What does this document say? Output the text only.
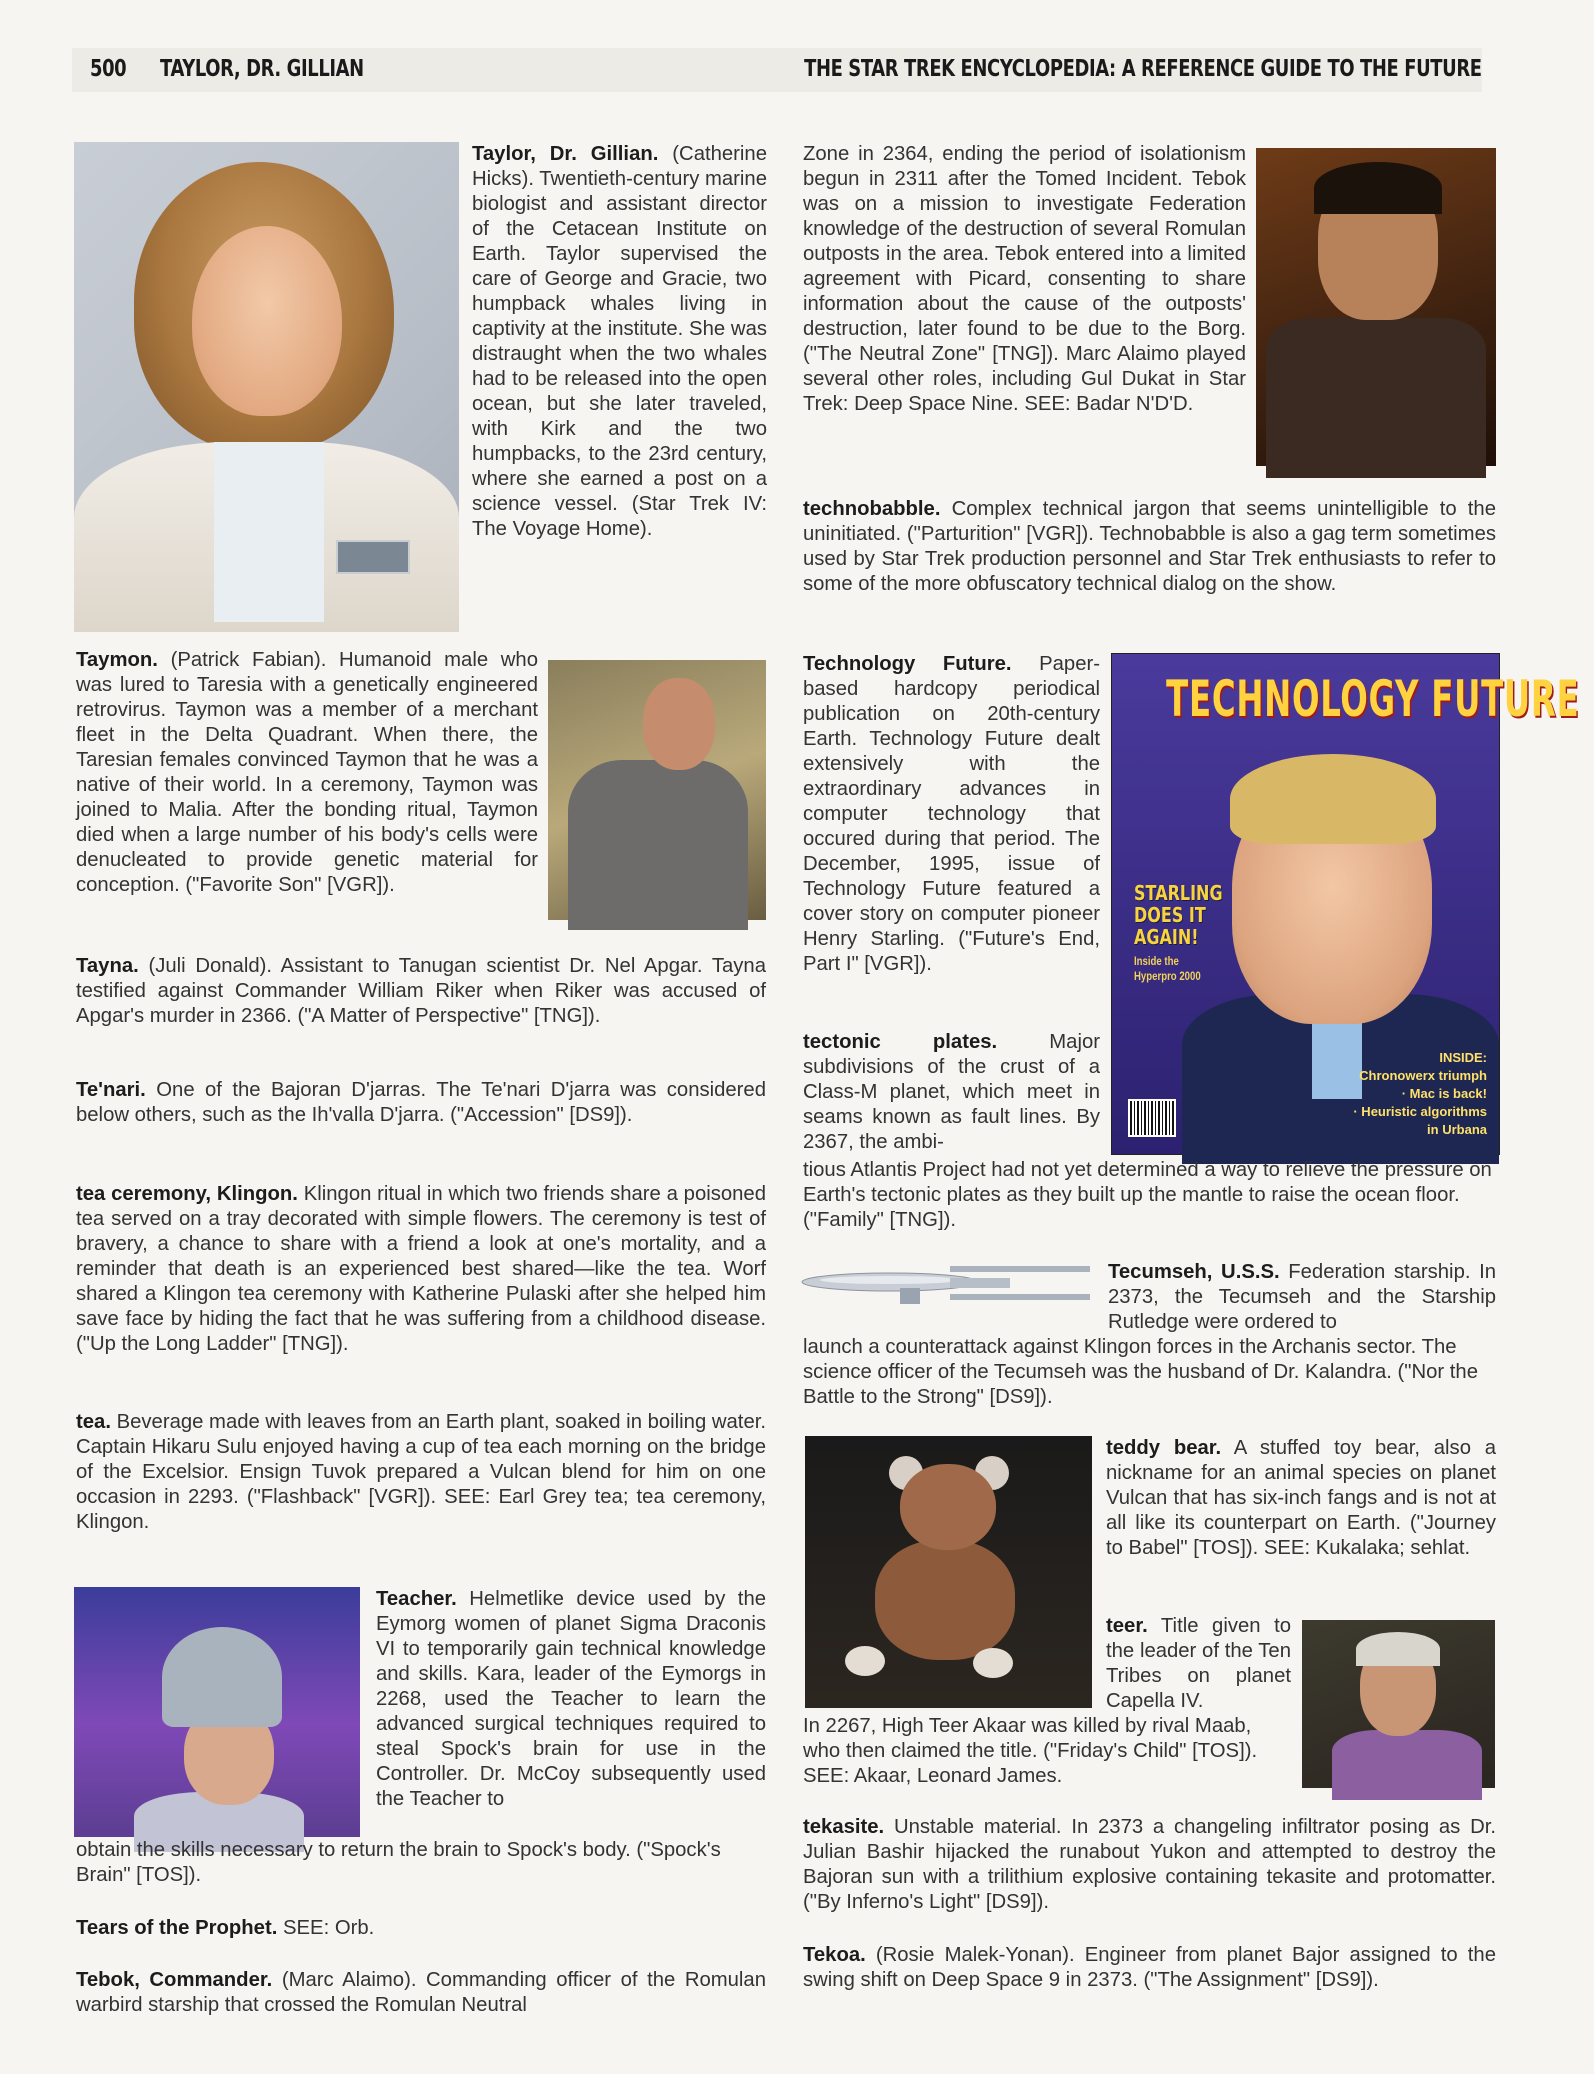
500 TAYLOR, DR. GILLIAN	THE STAR TREK ENCYCLOPEDIA: A REFERENCE GUIDE TO THE FUTURE
Taylor, Dr. Gillian. (Catherine Hicks). Twentieth-century marine biologist and assistant director of the Cetacean Institute on Earth. Taylor supervised the care of George and Gracie, two humpback whales living in captivity at the institute. She was distraught when the two whales had to be released into the open ocean, but she later traveled, with Kirk and the two humpbacks, to the 23rd century, where she earned a post on a science vessel. (Star Trek IV: The Voyage Home).
Taymon. (Patrick Fabian). Humanoid male who was lured to Taresia with a genetically engineered retrovirus. Taymon was a member of a merchant fleet in the Delta Quadrant. When there, the Taresian females convinced Taymon that he was a native of their world. In a ceremony, Taymon was joined to Malia. After the bonding ritual, Taymon died when a large number of his body's cells were denucleated to provide genetic material for conception. ("Favorite Son" [VGR]).
Tayna. (Juli Donald). Assistant to Tanugan scientist Dr. Nel Apgar. Tayna testified against Commander William Riker when Riker was accused of Apgar's murder in 2366. ("A Matter of Perspective" [TNG]).
Te'nari. One of the Bajoran D'jarras. The Te'nari D'jarra was considered below others, such as the Ih'valla D'jarra. ("Accession" [DS9]).
tea ceremony, Klingon. Klingon ritual in which two friends share a poisoned tea served on a tray decorated with simple flowers. The ceremony is test of bravery, a chance to share with a friend a look at one's mortality, and a reminder that death is an experienced best shared—like the tea. Worf shared a Klingon tea ceremony with Katherine Pulaski after she helped him save face by hiding the fact that he was suffering from a childhood disease. ("Up the Long Ladder" [TNG]).
tea. Beverage made with leaves from an Earth plant, soaked in boiling water. Captain Hikaru Sulu enjoyed having a cup of tea each morning on the bridge of the Excelsior. Ensign Tuvok prepared a Vulcan blend for him on one occasion in 2293. ("Flashback" [VGR]). SEE: Earl Grey tea; tea ceremony, Klingon.
Teacher. Helmetlike device used by the Eymorg women of planet Sigma Draconis VI to temporarily gain technical knowledge and skills. Kara, leader of the Eymorgs in 2268, used the Teacher to learn the advanced surgical techniques required to steal Spock's brain for use in the Controller. Dr. McCoy subsequently used the Teacher to
obtain the skills necessary to return the brain to Spock's body. ("Spock's Brain" [TOS]).
Tears of the Prophet. SEE: Orb.
Tebok, Commander. (Marc Alaimo). Commanding officer of the Romulan warbird starship that crossed the Romulan Neutral
Zone in 2364, ending the period of isolationism begun in 2311 after the Tomed Incident. Tebok was on a mission to investigate Federation knowledge of the destruction of several Romulan outposts in the area. Tebok entered into a limited agreement with Picard, consenting to share information about the cause of the outposts' destruction, later found to be due to the Borg. ("The Neutral Zone" [TNG]). Marc Alaimo played several other roles, including Gul Dukat in Star Trek: Deep Space Nine. SEE: Badar N'D'D.
technobabble. Complex technical jargon that seems unintelligible to the uninitiated. ("Parturition" [VGR]). Technobabble is also a gag term sometimes used by Star Trek production personnel and Star Trek enthusiasts to refer to some of the more obfuscatory technical dialog on the show.
TECHNOLOGY FUTURE
STARLING
DOES IT
AGAIN!
Inside the
Hyperpro 2000
INSIDE:
Chronowerx triumph
· Mac is back!
· Heuristic algorithms
in Urbana
Technology Future. Paper-based hardcopy periodical publication on 20th-century Earth. Technology Future dealt extensively with the extraordinary advances in computer technology that occured during that period. The December, 1995, issue of Technology Future featured a cover story on computer pioneer Henry Starling. ("Future's End, Part I" [VGR]).
tectonic plates.	Major subdivisions of the crust of a Class-M planet, which meet in seams known as fault lines. By 2367, the ambi-
tious Atlantis Project had not yet determined a way to relieve the pressure on Earth's tectonic plates as they built up the mantle to raise the ocean floor. ("Family" [TNG]).
Tecumseh, U.S.S. Federation starship. In 2373, the Tecumseh and the Starship Rutledge were ordered to
launch a counterattack against Klingon forces in the Archanis sector. The science officer of the Tecumseh was the husband of Dr. Kalandra. ("Nor the Battle to the Strong" [DS9]).
teddy bear. A stuffed toy bear, also a nickname for an animal species on planet Vulcan that has six-inch fangs and is not at all like its counterpart on Earth. ("Journey to Babel" [TOS]). SEE: Kukalaka; sehlat.
teer. Title given to the leader of the Ten Tribes on planet Capella IV.
In 2267, High Teer Akaar was killed by rival Maab, who then claimed the title. ("Friday's Child" [TOS]). SEE: Akaar, Leonard James.
tekasite. Unstable material. In 2373 a changeling infiltrator posing as Dr. Julian Bashir hijacked the runabout Yukon and attempted to destroy the Bajoran sun with a trilithium explosive containing tekasite and protomatter. ("By Inferno's Light" [DS9]).
Tekoa. (Rosie Malek-Yonan). Engineer from planet Bajor assigned to the swing shift on Deep Space 9 in 2373. ("The Assignment" [DS9]).
